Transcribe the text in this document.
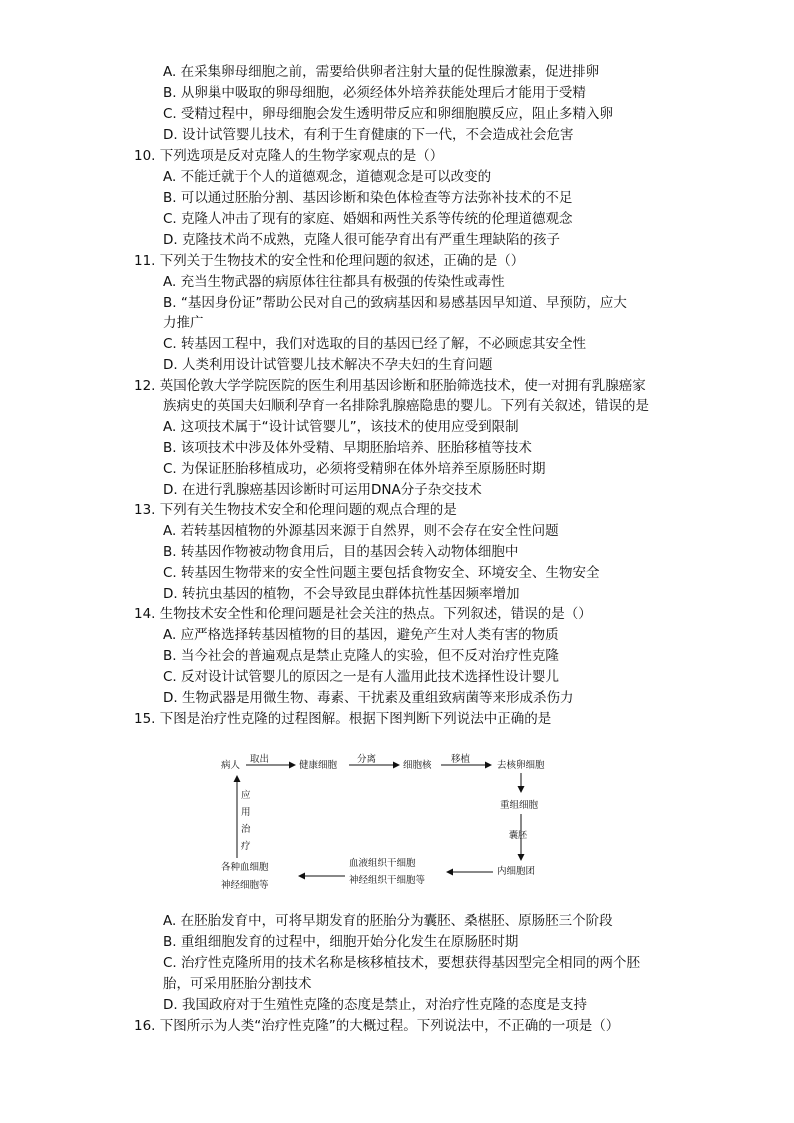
A. 在采集卵母细胞之前，需要给供卵者注射大量的促性腺激素，促进排卵
B. 从卵巢中吸取的卵母细胞，必须经体外培养获能处理后才能用于受精
C. 受精过程中，卵母细胞会发生透明带反应和卵细胞膜反应，阻止多精入卵
D. 设计试管婴儿技术，有利于生育健康的下一代，不会造成社会危害
10. 下列选项是反对克隆人的生物学家观点的是（）
A. 不能迁就于个人的道德观念，道德观念是可以改变的
B. 可以通过胚胎分割、基因诊断和染色体检查等方法弥补技术的不足
C. 克隆人冲击了现有的家庭、婚姻和两性关系等传统的伦理道德观念
D. 克隆技术尚不成熟，克隆人很可能孕育出有严重生理缺陷的孩子
11. 下列关于生物技术的安全性和伦理问题的叙述，正确的是（）
A. 充当生物武器的病原体往往都具有极强的传染性或毒性
B. “基因身份证”帮助公民对自己的致病基因和易感基因早知道、早预防，应大
力推广
C. 转基因工程中，我们对选取的目的基因已经了解，不必顾虑其安全性
D. 人类利用设计试管婴儿技术解决不孕夫妇的生育问题
12. 英国伦敦大学学院医院的医生利用基因诊断和胚胎筛选技术，使一对拥有乳腺癌家
族病史的英国夫妇顺利孕育一名排除乳腺癌隐患的婴儿。下列有关叙述，错误的是
A. 这项技术属于“设计试管婴儿”，该技术的使用应受到限制
B. 该项技术中涉及体外受精、早期胚胎培养、胚胎移植等技术
C. 为保证胚胎移植成功，必须将受精卵在体外培养至原肠胚时期
D. 在进行乳腺癌基因诊断时可运用DNA分子杂交技术
13. 下列有关生物技术安全和伦理问题的观点合理的是
A. 若转基因植物的外源基因来源于自然界，则不会存在安全性问题
B. 转基因作物被动物食用后，目的基因会转入动物体细胞中
C. 转基因生物带来的安全性问题主要包括食物安全、环境安全、生物安全
D. 转抗虫基因的植物，不会导致昆虫群体抗性基因频率增加
14. 生物技术安全性和伦理问题是社会关注的热点。下列叙述，错误的是（）
A. 应严格选择转基因植物的目的基因，避免产生对人类有害的物质
B. 当今社会的普遍观点是禁止克隆人的实验，但不反对治疗性克隆
C. 反对设计试管婴儿的原因之一是有人滥用此技术选择性设计婴儿
D. 生物武器是用微生物、毒素、干扰素及重组致病菌等来形成杀伤力
15. 下图是治疗性克隆的过程图解。根据下图判断下列说法中正确的是
病人
取出
健康细胞
分离
细胞核
移植
去核卵细胞
重组细胞
囊胚
内细胞团
血液组织干细胞
神经组织干细胞等
各种血细胞
神经细胞等
应
用
治
疗
A. 在胚胎发育中，可将早期发育的胚胎分为囊胚、桑椹胚、原肠胚三个阶段
B. 重组细胞发育的过程中，细胞开始分化发生在原肠胚时期
C. 治疗性克隆所用的技术名称是核移植技术，要想获得基因型完全相同的两个胚
胎，可采用胚胎分割技术
D. 我国政府对于生殖性克隆的态度是禁止，对治疗性克隆的态度是支持
16. 下图所示为人类“治疗性克隆”的大概过程。下列说法中，不正确的一项是（）
